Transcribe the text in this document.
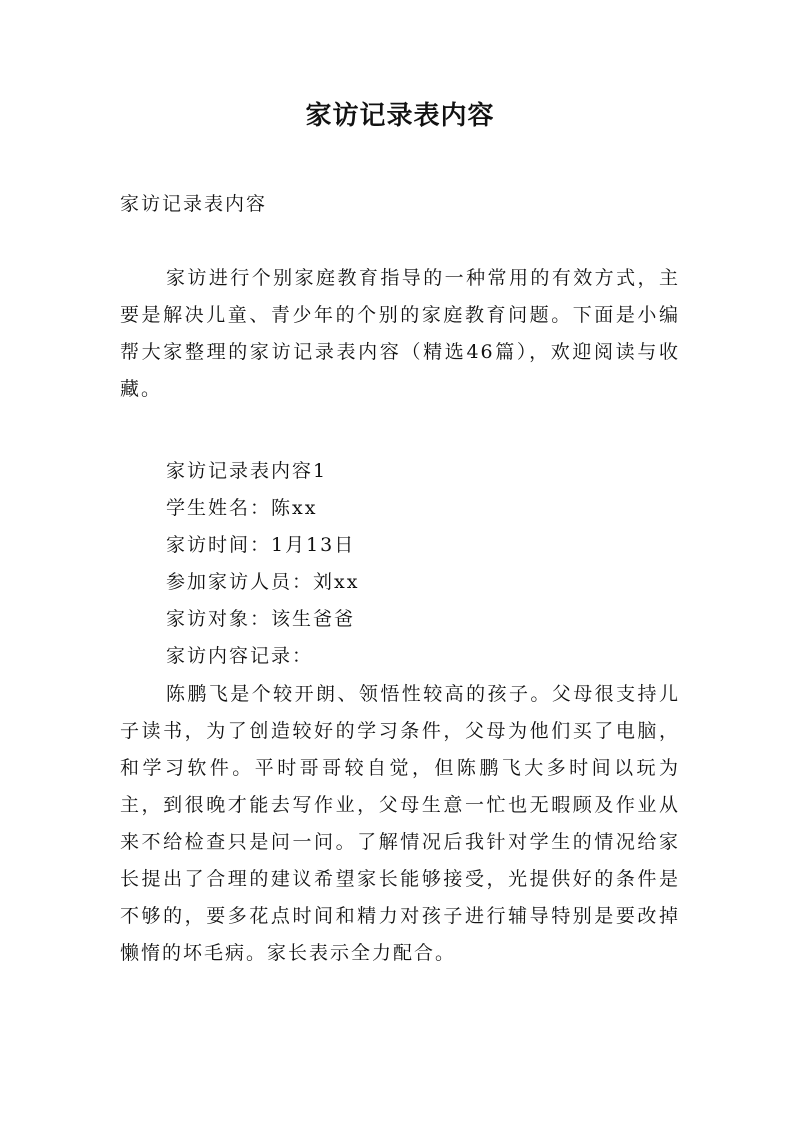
家访记录表内容
家访记录表内容

家访进行个别家庭教育指导的一种常用的有效方式，主要是解决儿童、青少年的个别的家庭教育问题。下面是小编帮大家整理的家访记录表内容（精选46篇），欢迎阅读与收藏。

家访记录表内容1
学生姓名：陈xx
家访时间：1月13日
参加家访人员：刘xx
家访对象：该生爸爸
家访内容记录：

陈鹏飞是个较开朗、领悟性较高的孩子。父母很支持儿子读书，为了创造较好的学习条件，父母为他们买了电脑，和学习软件。平时哥哥较自觉，但陈鹏飞大多时间以玩为主，到很晚才能去写作业，父母生意一忙也无暇顾及作业从来不给检查只是问一问。了解情况后我针对学生的情况给家长提出了合理的建议希望家长能够接受，光提供好的条件是不够的，要多花点时间和精力对孩子进行辅导特别是要改掉懒惰的坏毛病。家长表示全力配合。
